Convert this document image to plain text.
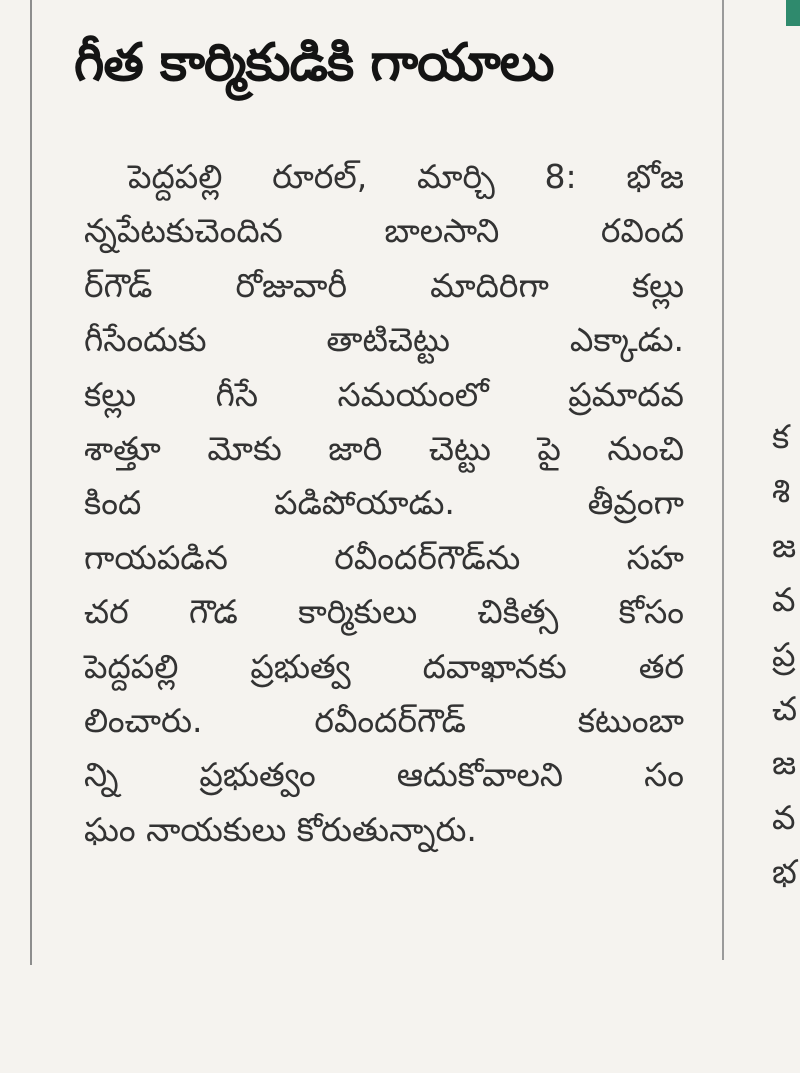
గీత కార్మికుడికి గాయాలు
పెద్దపల్లి రూరల్, మార్చి 8: భోజ
న్నపేటకుచెందిన బాలసాని రవింద
ర్‌గౌడ్ రోజువారీ మాదిరిగా కల్లు
గీసేందుకు తాటిచెట్టు ఎక్కాడు.
కల్లు గీసే సమయంలో ప్రమాదవ
శాత్తూ మోకు జారి చెట్టు పై నుంచి
కింద పడిపోయాడు. తీవ్రంగా
గాయపడిన రవీందర్‌గౌడ్‌ను సహ
చర గౌడ కార్మికులు చికిత్స కోసం
పెద్దపల్లి ప్రభుత్వ దవాఖానకు తర
లించారు. రవీందర్‌గౌడ్ కటుంబా
న్ని ప్రభుత్వం ఆదుకోవాలని సం
ఘం నాయకులు కోరుతున్నారు.
క
శి
జ
వ
ప్ర
చ
జ
వ
భ
